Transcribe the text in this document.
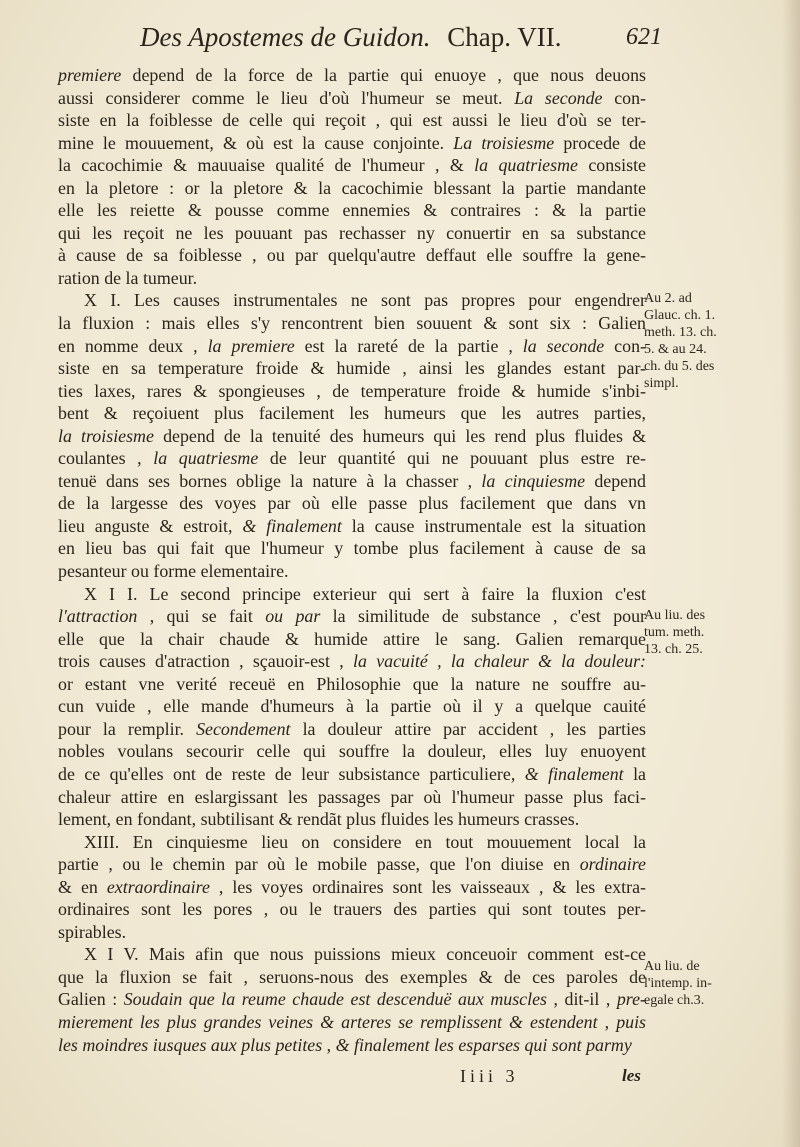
Des Apostemes de Guidon. Chap. VII.	621
premiere depend de la force de la partie qui enuoye , que nous deuons
aussi considerer comme le lieu d'où l'humeur se meut. La seconde con-
siste en la foiblesse de celle qui reçoit , qui est aussi le lieu d'où se ter-
mine le mouuement, & où est la cause conjointe. La troisiesme procede de
la cacochimie & mauuaise qualité de l'humeur , & la quatriesme consiste
en la pletore : or la pletore & la cacochimie blessant la partie mandante
elle les reiette & pousse comme ennemies & contraires : & la partie
qui les reçoit ne les pouuant pas rechasser ny conuertir en sa substance
à cause de sa foiblesse , ou par quelqu'autre deffaut elle souffre la gene-
ration de la tumeur.
X I. Les causes instrumentales ne sont pas propres pour engendrer
la fluxion : mais elles s'y rencontrent bien souuent & sont six : Galien
en nomme deux , la premiere est la rareté de la partie , la seconde con-
siste en sa temperature froide & humide , ainsi les glandes estant par-
ties laxes, rares & spongieuses , de temperature froide & humide s'inbi-
bent & reçoiuent plus facilement les humeurs que les autres parties,
la troisiesme depend de la tenuité des humeurs qui les rend plus fluides &
coulantes , la quatriesme de leur quantité qui ne pouuant plus estre re-
tenuë dans ses bornes oblige la nature à la chasser , la cinquiesme depend
de la largesse des voyes par où elle passe plus facilement que dans vn
lieu anguste & estroit, & finalement la cause instrumentale est la situation
en lieu bas qui fait que l'humeur y tombe plus facilement à cause de sa
pesanteur ou forme elementaire.
X I I. Le second principe exterieur qui sert à faire la fluxion c'est
l'attraction , qui se fait ou par la similitude de substance , c'est pour
elle que la chair chaude & humide attire le sang. Galien remarque
trois causes d'atraction , sçauoir-est , la vacuité , la chaleur & la douleur:
or estant vne verité receuë en Philosophie que la nature ne souffre au-
cun vuide , elle mande d'humeurs à la partie où il y a quelque cauité
pour la remplir. Secondement la douleur attire par accident , les parties
nobles voulans secourir celle qui souffre la douleur, elles luy enuoyent
de ce qu'elles ont de reste de leur subsistance particuliere, & finalement la
chaleur attire en eslargissant les passages par où l'humeur passe plus faci-
lement, en fondant, subtilisant & rendãt plus fluides les humeurs crasses.
XIII. En cinquiesme lieu on considere en tout mouuement local la
partie , ou le chemin par où le mobile passe, que l'on diuise en ordinaire
& en extraordinaire , les voyes ordinaires sont les vaisseaux , & les extra-
ordinaires sont les pores , ou le trauers des parties qui sont toutes per-
spirables.
X I V. Mais afin que nous puissions mieux conceuoir comment est-ce
que la fluxion se fait , seruons-nous des exemples & de ces paroles de
Galien : Soudain que la reume chaude est descenduë aux muscles , dit-il , pre-
mierement les plus grandes veines & arteres se remplissent & estendent , puis
les moindres iusques aux plus petites , & finalement les esparses qui sont parmy
Au 2. ad
Glauc. ch. 1.
meth. 13. ch.
5. & au 24.
ch. du 5. des
simpl.
Au liu. des
tum. meth.
13. ch. 25.
Au liu. de
l'intemp. in-
egale ch.3.
Iiii 3	les
